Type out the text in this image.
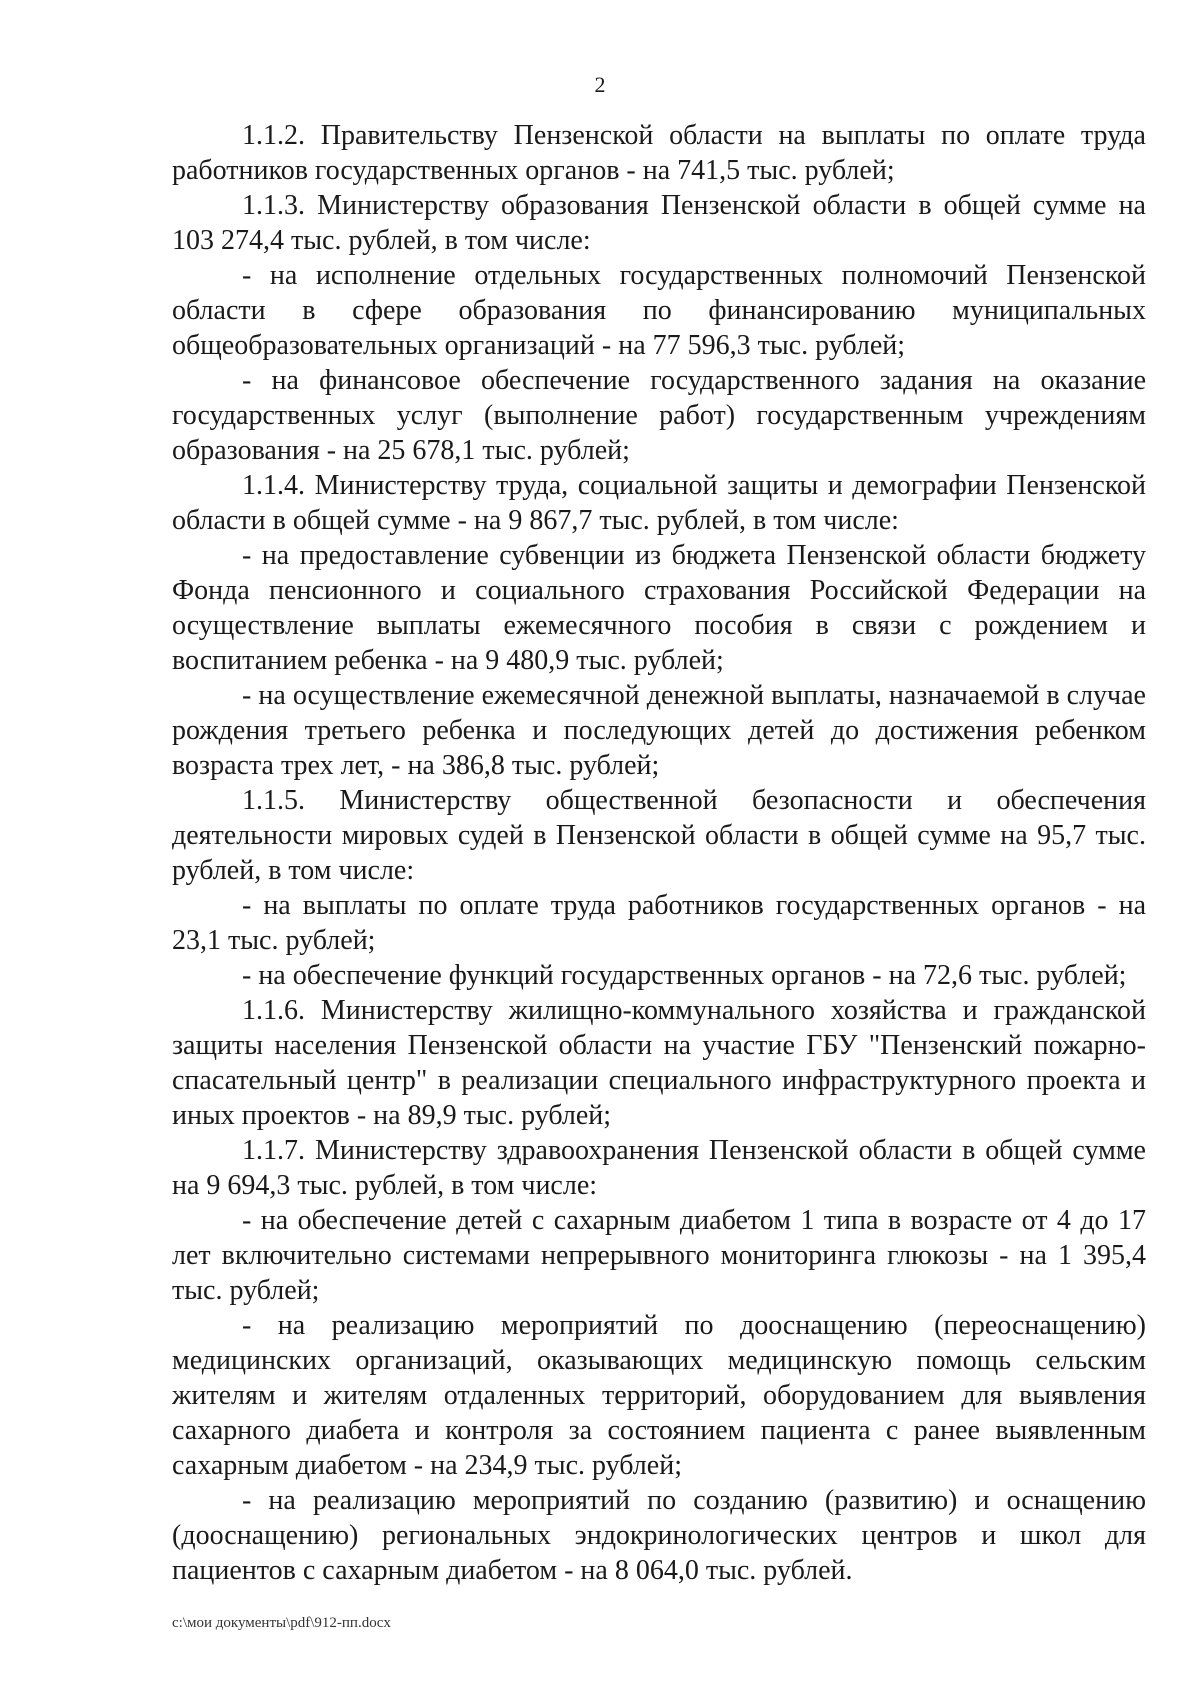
2

1.1.2. Правительству Пензенской области на выплаты по оплате труда работников государственных органов - на 741,5 тыс. рублей;

1.1.3. Министерству образования Пензенской области в общей сумме на 103 274,4 тыс. рублей, в том числе:

- на исполнение отдельных государственных полномочий Пензенской области в сфере образования по финансированию муниципальных общеобразовательных организаций - на 77 596,3 тыс. рублей;

- на финансовое обеспечение государственного задания на оказание государственных услуг (выполнение работ) государственным учреждениям образования - на 25 678,1 тыс. рублей;

1.1.4. Министерству труда, социальной защиты и демографии Пензенской области в общей сумме - на 9 867,7 тыс. рублей, в том числе:

- на предоставление субвенции из бюджета Пензенской области бюджету Фонда пенсионного и социального страхования Российской Федерации на осуществление выплаты ежемесячного пособия в связи с рождением и воспитанием ребенка - на 9 480,9 тыс. рублей;

- на осуществление ежемесячной денежной выплаты, назначаемой в случае рождения третьего ребенка и последующих детей до достижения ребенком возраста трех лет, - на 386,8 тыс. рублей;

1.1.5. Министерству общественной безопасности и обеспечения деятельности мировых судей в Пензенской области в общей сумме на 95,7 тыс. рублей, в том числе:

- на выплаты по оплате труда работников государственных органов - на 23,1 тыс. рублей;

- на обеспечение функций государственных органов - на 72,6 тыс. рублей;

1.1.6. Министерству жилищно-коммунального хозяйства и гражданской защиты населения Пензенской области на участие ГБУ "Пензенский пожарно-спасательный центр" в реализации специального инфраструктурного проекта и иных проектов - на 89,9 тыс. рублей;

1.1.7. Министерству здравоохранения Пензенской области в общей сумме на 9 694,3 тыс. рублей, в том числе:

- на обеспечение детей с сахарным диабетом 1 типа в возрасте от 4 до 17 лет включительно системами непрерывного мониторинга глюкозы - на 1 395,4 тыс. рублей;

- на реализацию мероприятий по дооснащению (переоснащению) медицинских организаций, оказывающих медицинскую помощь сельским жителям и жителям отдаленных территорий, оборудованием для выявления сахарного диабета и контроля за состоянием пациента с ранее выявленным сахарным диабетом - на 234,9 тыс. рублей;

- на реализацию мероприятий по созданию (развитию) и оснащению (дооснащению) региональных эндокринологических центров и школ для пациентов с сахарным диабетом - на 8 064,0 тыс. рублей.

c:\мои документы\pdf\912-пп.docx
